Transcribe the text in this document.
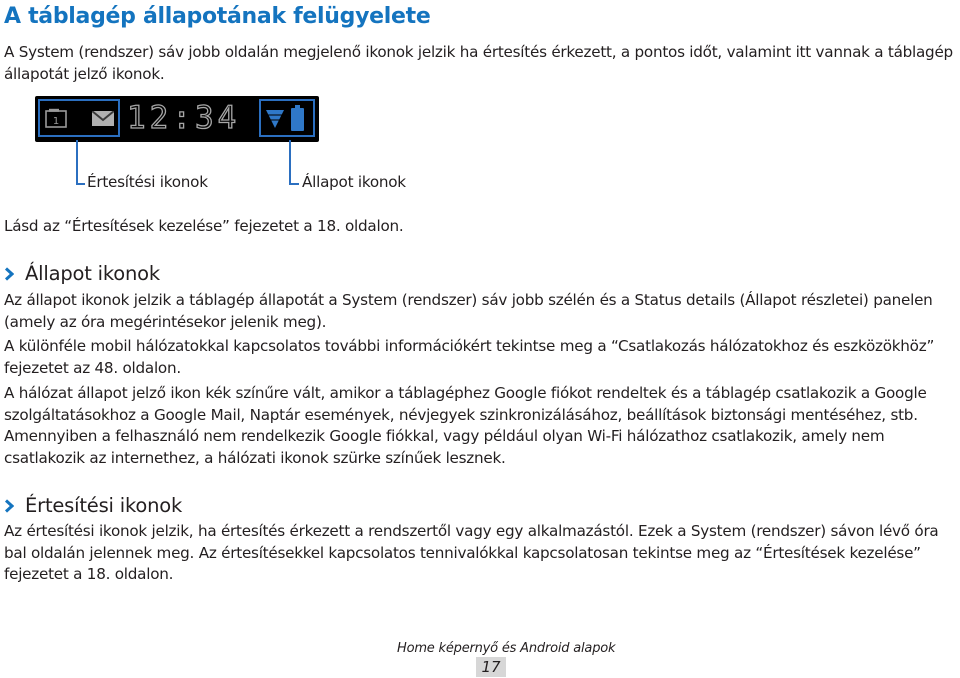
A táblagép állapotának felügyelete

A System (rendszer) sáv jobb oldalán megjelenő ikonok jelzik ha értesítés érkezett, a pontos időt, valamint itt vannak a táblagép állapotát jelző ikonok.

1 12:34

Értesítési ikonok	Állapot ikonok

Lásd az “Értesítések kezelése” fejezetet a 18. oldalon.

Állapot ikonok

Az állapot ikonok jelzik a táblagép állapotát a System (rendszer) sáv jobb szélén és a Status details (Állapot részletei) panelen (amely az óra megérintésekor jelenik meg).

A különféle mobil hálózatokkal kapcsolatos további információkért tekintse meg a “Csatlakozás hálózatokhoz és eszközökhöz” fejezetet az 48. oldalon.

A hálózat állapot jelző ikon kék színűre vált, amikor a táblagéphez Google fiókot rendeltek és a táblagép csatlakozik a Google szolgáltatásokhoz a Google Mail, Naptár események, névjegyek szinkronizálásához, beállítások biztonsági mentéséhez, stb. Amennyiben a felhasználó nem rendelkezik Google fiókkal, vagy például olyan Wi-Fi hálózathoz csatlakozik, amely nem csatlakozik az internethez, a hálózati ikonok szürke színűek lesznek.

Értesítési ikonok

Az értesítési ikonok jelzik, ha értesítés érkezett a rendszertől vagy egy alkalmazástól. Ezek a System (rendszer) sávon lévő óra bal oldalán jelennek meg. Az értesítésekkel kapcsolatos tennivalókkal kapcsolatosan tekintse meg az “Értesítések kezelése” fejezetet a 18. oldalon.

Home képernyő és Android alapok

17
